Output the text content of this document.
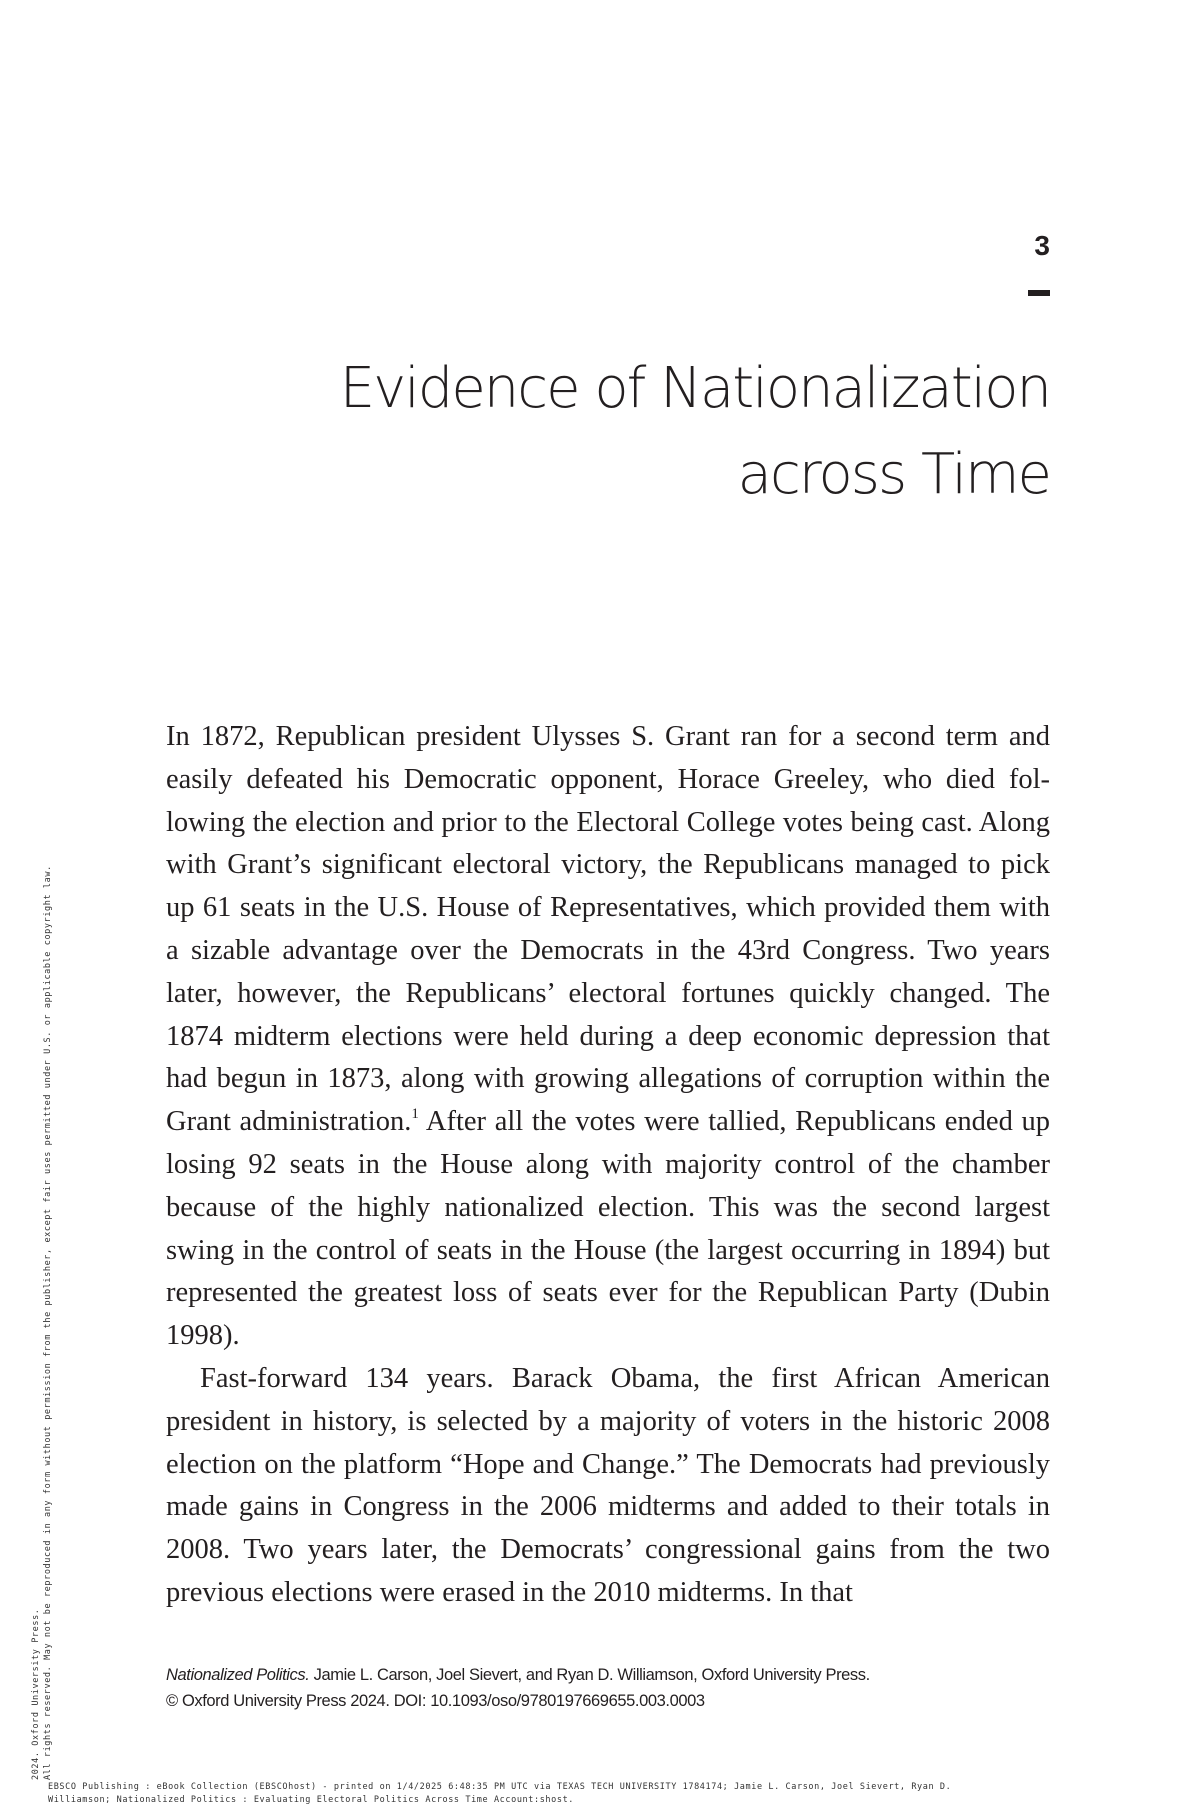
3
Evidence of Nationalization
across Time

In 1872, Republican president Ulysses S. Grant ran for a second term and easily defeated his Democratic opponent, Horace Greeley, who died following the election and prior to the Electoral College votes being cast. Along with Grant’s significant electoral victory, the Republicans managed to pick up 61 seats in the U.S. House of Representatives, which provided them with a sizable advantage over the Democrats in the 43rd Congress. Two years later, however, the Republicans’ electoral fortunes quickly changed. The 1874 midterm elections were held during a deep economic depression that had begun in 1873, along with growing allegations of corruption within the Grant administration.$^1$ After all the votes were tallied, Republicans ended up losing 92 seats in the House along with majority control of the chamber because of the highly nationalized election. This was the second largest swing in the control of seats in the House (the largest occurring in 1894) but represented the greatest loss of seats ever for the Republican Party (Dubin 1998).

Fast-forward 134 years. Barack Obama, the first African American president in history, is selected by a majority of voters in the historic 2008 election on the platform “Hope and Change.” The Democrats had previously made gains in Congress in the 2006 midterms and added to their totals in 2008. Two years later, the Democrats’ congressional gains from the two previous elections were erased in the 2010 midterms. In that

Nationalized Politics. Jamie L. Carson, Joel Sievert, and Ryan D. Williamson, Oxford University Press.
© Oxford University Press 2024. DOI: 10.1093/oso/9780197669655.003.0003
2024. Oxford University Press. All rights reserved. May not be reproduced in any form without permission from the publisher, except fair uses permitted under U.S. or applicable copyright law.
EBSCO Publishing : eBook Collection (EBSCOhost) - printed on 1/4/2025 6:48:35 PM UTC via TEXAS TECH UNIVERSITY 1784174; Jamie L. Carson, Joel Sievert, Ryan D.
Williamson; Nationalized Politics : Evaluating Electoral Politics Across Time Account:shost.
